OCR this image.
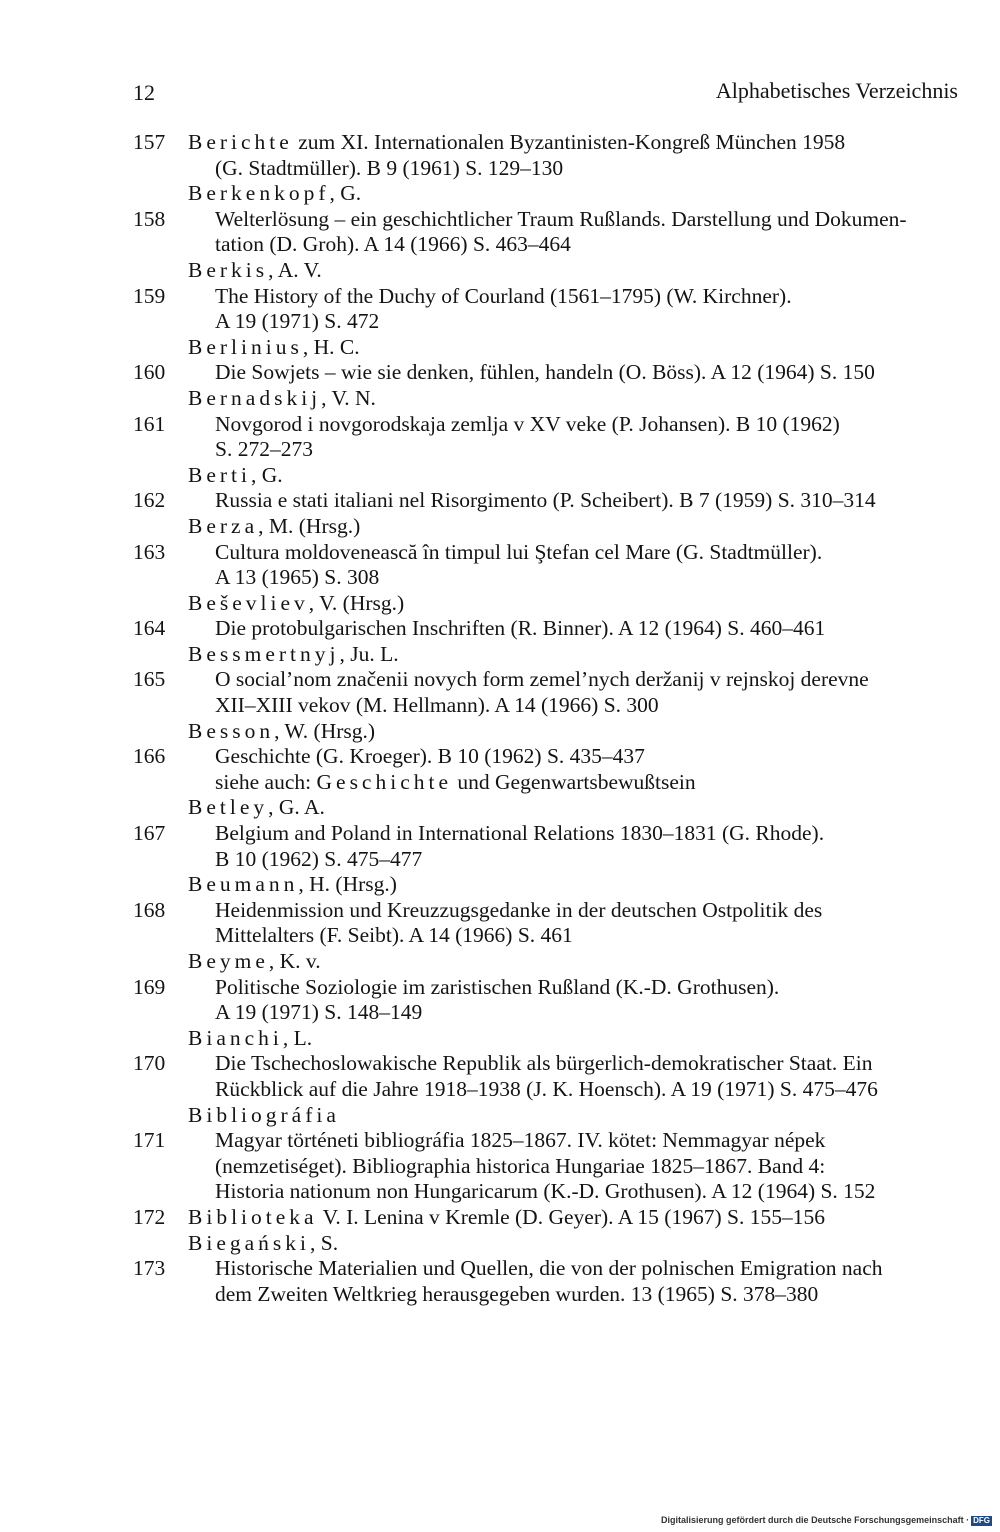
12	Alphabetisches Verzeichnis
157 Berichte zum XI. Internationalen Byzantinisten-Kongreß München 1958
(G. Stadtmüller). B 9 (1961) S. 129–130
Berkenkopf, G.
158 Welterlösung – ein geschichtlicher Traum Rußlands. Darstellung und Dokumen-
tation (D. Groh). A 14 (1966) S. 463–464
Berkis, A. V.
159 The History of the Duchy of Courland (1561–1795) (W. Kirchner).
A 19 (1971) S. 472
Berlinius, H. C.
160 Die Sowjets – wie sie denken, fühlen, handeln (O. Böss). A 12 (1964) S. 150
Bernadskij, V. N.
161 Novgorod i novgorodskaja zemlja v XV veke (P. Johansen). B 10 (1962)
S. 272–273
Berti, G.
162 Russia e stati italiani nel Risorgimento (P. Scheibert). B 7 (1959) S. 310–314
Berza, M. (Hrsg.)
163 Cultura moldovenească în timpul lui Ştefan cel Mare (G. Stadtmüller).
A 13 (1965) S. 308
Beševliev, V. (Hrsg.)
164 Die protobulgarischen Inschriften (R. Binner). A 12 (1964) S. 460–461
Bessmertnyj, Ju. L.
165 O social’nom značenii novych form zemel’nych deržanij v rejnskoj derevne
XII–XIII vekov (M. Hellmann). A 14 (1966) S. 300
Besson, W. (Hrsg.)
166 Geschichte (G. Kroeger). B 10 (1962) S. 435–437
siehe auch: Geschichte und Gegenwartsbewußtsein
Betley, G. A.
167 Belgium and Poland in International Relations 1830–1831 (G. Rhode).
B 10 (1962) S. 475–477
Beumann, H. (Hrsg.)
168 Heidenmission und Kreuzzugsgedanke in der deutschen Ostpolitik des
Mittelalters (F. Seibt). A 14 (1966) S. 461
Beyme, K. v.
169 Politische Soziologie im zaristischen Rußland (K.-D. Grothusen).
A 19 (1971) S. 148–149
Bianchi, L.
170 Die Tschechoslowakische Republik als bürgerlich-demokratischer Staat. Ein
Rückblick auf die Jahre 1918–1938 (J. K. Hoensch). A 19 (1971) S. 475–476
Bibliográfia
171 Magyar történeti bibliográfia 1825–1867. IV. kötet: Nemmagyar népek
(nemzetiséget). Bibliographia historica Hungariae 1825–1867. Band 4:
Historia nationum non Hungaricarum (K.-D. Grothusen). A 12 (1964) S. 152
172 Biblioteka V. I. Lenina v Kremle (D. Geyer). A 15 (1967) S. 155–156
Biegański, S.
173 Historische Materialien und Quellen, die von der polnischen Emigration nach
dem Zweiten Weltkrieg herausgegeben wurden. 13 (1965) S. 378–380
Digitalisierung gefördert durch die Deutsche Forschungsgemeinschaft · DFG
